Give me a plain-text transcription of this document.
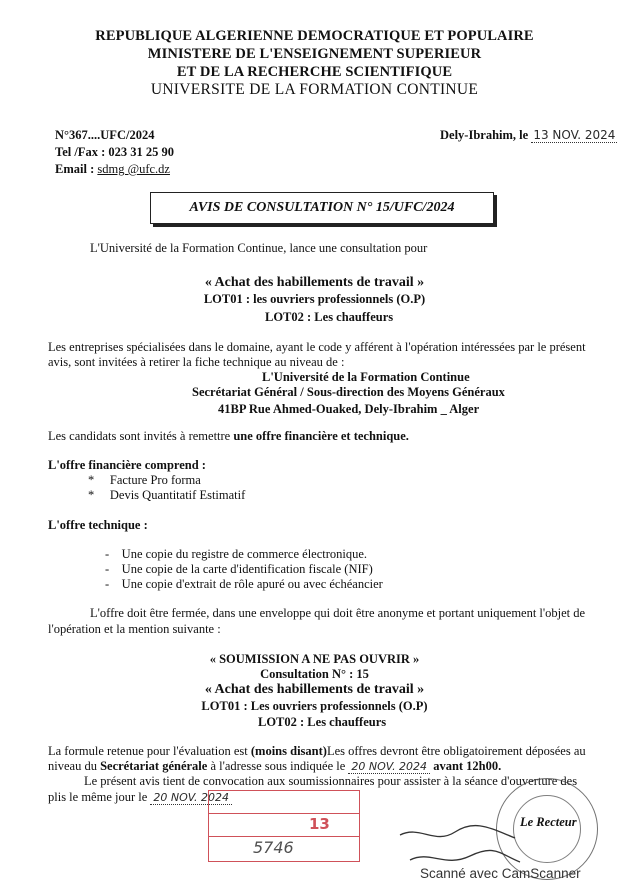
REPUBLIQUE ALGERIENNE DEMOCRATIQUE ET POPULAIRE
MINISTERE DE L'ENSEIGNEMENT SUPERIEUR
ET DE LA RECHERCHE SCIENTIFIQUE
UNIVERSITE DE LA FORMATION CONTINUE
N°367....UFC/2024
Tel /Fax : 023 31 25 90
Email : sdmg @ufc.dz
Dely-Ibrahim, le 13 NOV. 2024
AVIS DE CONSULTATION N° 15/UFC/2024
L'Université de la Formation Continue, lance une consultation pour
« Achat des habillements de travail »
LOT01 : les ouvriers professionnels (O.P)
LOT02 : Les chauffeurs
Les entreprises spécialisées dans le domaine, ayant le code y afférent à l'opération intéressées par le présent
avis, sont invitées à retirer la fiche technique au niveau de :
L'Université de la Formation Continue
Secrétariat Général / Sous-direction des Moyens Généraux
41BP Rue Ahmed-Ouaked, Dely-Ibrahim _ Alger
Les candidats sont invités à remettre une offre financière et technique.
L'offre financière comprend :
*     Facture Pro forma
*     Devis Quantitatif Estimatif
L'offre technique :
-    Une copie du registre de commerce électronique.
-    Une copie de la carte d'identification fiscale (NIF)
-    Une copie d'extrait de rôle apuré ou avec échéancier
L'offre doit être fermée, dans une enveloppe qui doit être anonyme et portant uniquement l'objet de
l'opération et la mention suivante :
« SOUMISSION A NE PAS OUVRIR »
Consultation N° : 15
« Achat des habillements de travail »
LOT01 : Les ouvriers professionnels (O.P)
LOT02 : Les chauffeurs
La formule retenue pour l'évaluation est (moins disant)Les offres devront être obligatoirement déposées au
niveau du Secrétariat générale à l'adresse sous indiquée le 20 NOV. 2024 avant 12h00.
Le présent avis tient de convocation aux soumissionnaires pour assister à la séance d'ouverture des
plis le même jour le 20 NOV. 2024
13
5746
Le Recteur
Scanné avec CamScanner
